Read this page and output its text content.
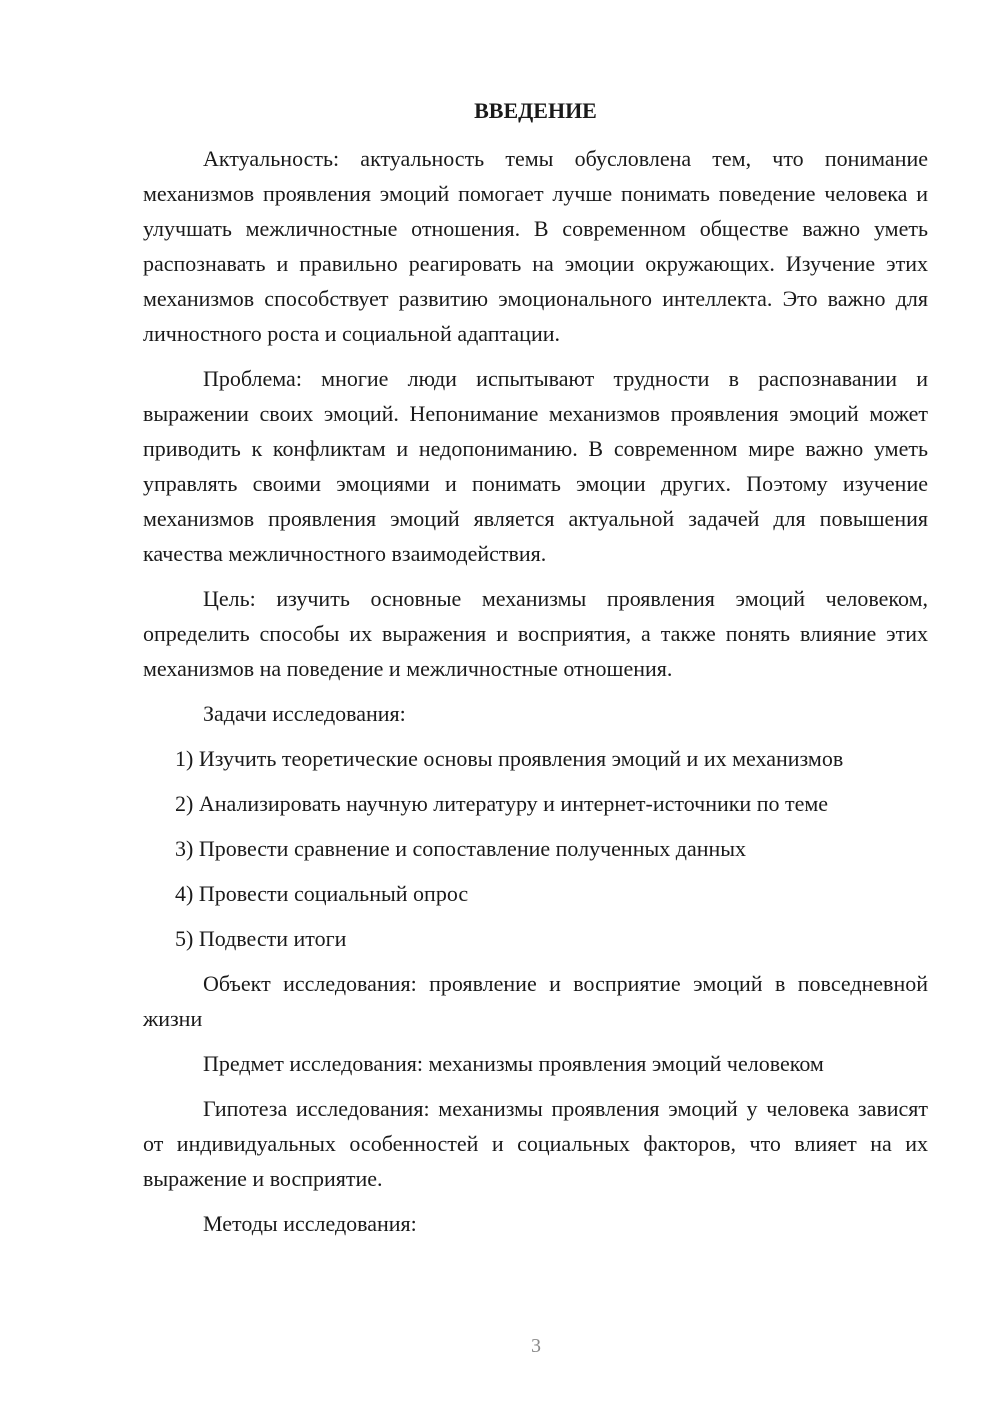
ВВЕДЕНИЕ

Актуальность: актуальность темы обусловлена тем, что понимание механизмов проявления эмоций помогает лучше понимать поведение человека и улучшать межличностные отношения. В современном обществе важно уметь распознавать и правильно реагировать на эмоции окружающих. Изучение этих механизмов способствует развитию эмоционального интеллекта. Это важно для личностного роста и социальной адаптации.

Проблема: многие люди испытывают трудности в распознавании и выражении своих эмоций. Непонимание механизмов проявления эмоций может приводить к конфликтам и недопониманию. В современном мире важно уметь управлять своими эмоциями и понимать эмоции других. Поэтому изучение механизмов проявления эмоций является актуальной задачей для повышения качества межличностного взаимодействия.

Цель: изучить основные механизмы проявления эмоций человеком, определить способы их выражения и восприятия, а также понять влияние этих механизмов на поведение и межличностные отношения.

Задачи исследования:

1) Изучить теоретические основы проявления эмоций и их механизмов

2) Анализировать научную литературу и интернет-источники по теме

3) Провести сравнение и сопоставление полученных данных

4) Провести социальный опрос

5) Подвести итоги

Объект исследования: проявление и восприятие эмоций в повседневной жизни

Предмет исследования: механизмы проявления эмоций человеком

Гипотеза исследования: механизмы проявления эмоций у человека зависят от индивидуальных особенностей и социальных факторов, что влияет на их выражение и восприятие.

Методы исследования:

3
